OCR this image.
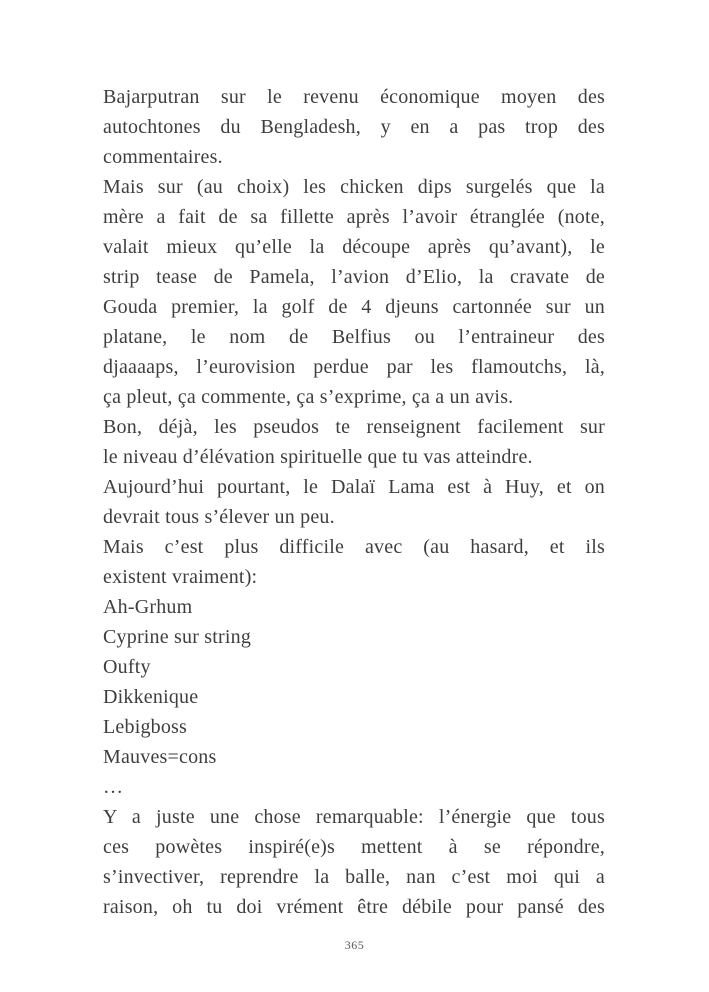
Bajarputran sur le revenu économique moyen des
autochtones du Bengladesh, y en a pas trop des
commentaires.
Mais sur (au choix) les chicken dips surgelés que la
mère a fait de sa fillette après l’avoir étranglée (note,
valait mieux qu’elle la découpe après qu’avant), le
strip tease de Pamela, l’avion d’Elio, la cravate de
Gouda premier, la golf de 4 djeuns cartonnée sur un
platane, le nom de Belfius ou l’entraineur des
djaaaaps, l’eurovision perdue par les flamoutchs, là,
ça pleut, ça commente, ça s’exprime, ça a un avis.
Bon, déjà, les pseudos te renseignent facilement sur
le niveau d’élévation spirituelle que tu vas atteindre.
Aujourd’hui pourtant, le Dalaï Lama est à Huy, et on
devrait tous s’élever un peu.
Mais c’est plus difficile avec (au hasard, et ils
existent vraiment):
Ah-Grhum
Cyprine sur string
Oufty
Dikkenique
Lebigboss
Mauves=cons
…
Y a juste une chose remarquable: l’énergie que tous
ces powètes inspiré(e)s mettent à se répondre,
s’invectiver, reprendre la balle, nan c’est moi qui a
raison, oh tu doi vrément être débile pour pansé des
365
